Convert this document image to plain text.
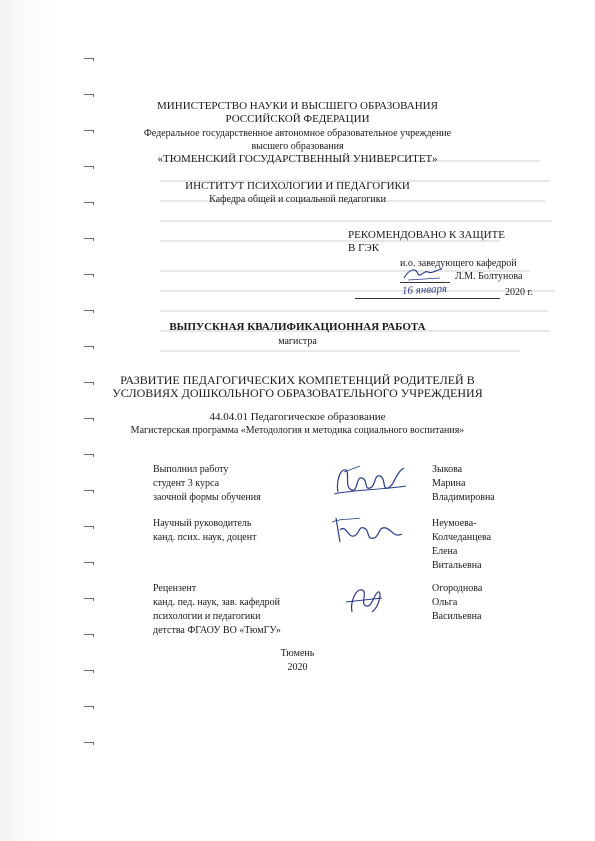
МИНИСТЕРСТВО НАУКИ И ВЫСШЕГО ОБРАЗОВАНИЯ
РОССИЙСКОЙ ФЕДЕРАЦИИ
Федеральное государственное автономное образовательное учреждение
высшего образования
«ТЮМЕНСКИЙ ГОСУДАРСТВЕННЫЙ УНИВЕРСИТЕТ»
ИНСТИТУТ ПСИХОЛОГИИ И ПЕДАГОГИКИ
Кафедра общей и социальной педагогики
РЕКОМЕНДОВАНО К ЗАЩИТЕ
В ГЭК
и.о. заведующего кафедрой
Л.М. Болтунова
16 января	2020 г.
ВЫПУСКНАЯ КВАЛИФИКАЦИОННАЯ РАБОТА
магистра
РАЗВИТИЕ ПЕДАГОГИЧЕСКИХ КОМПЕТЕНЦИЙ РОДИТЕЛЕЙ В
УСЛОВИЯХ ДОШКОЛЬНОГО ОБРАЗОВАТЕЛЬНОГО УЧРЕЖДЕНИЯ
44.04.01 Педагогическое образование
Магистерская программа «Методология и методика социального воспитания»
Выполнил работу
студент 3 курса
заочной формы обучения
Зыкова
Марина
Владимировна
Научный руководитель
канд. псих. наук, доцент
Неумоева-
Колчеданцева
Елена
Витальевна
Рецензент
канд. пед. наук, зав. кафедрой
психологии и педагогики
детства ФГАОУ ВО «ТюмГУ»
Огороднова
Ольга
Васильевна
Тюмень
2020
